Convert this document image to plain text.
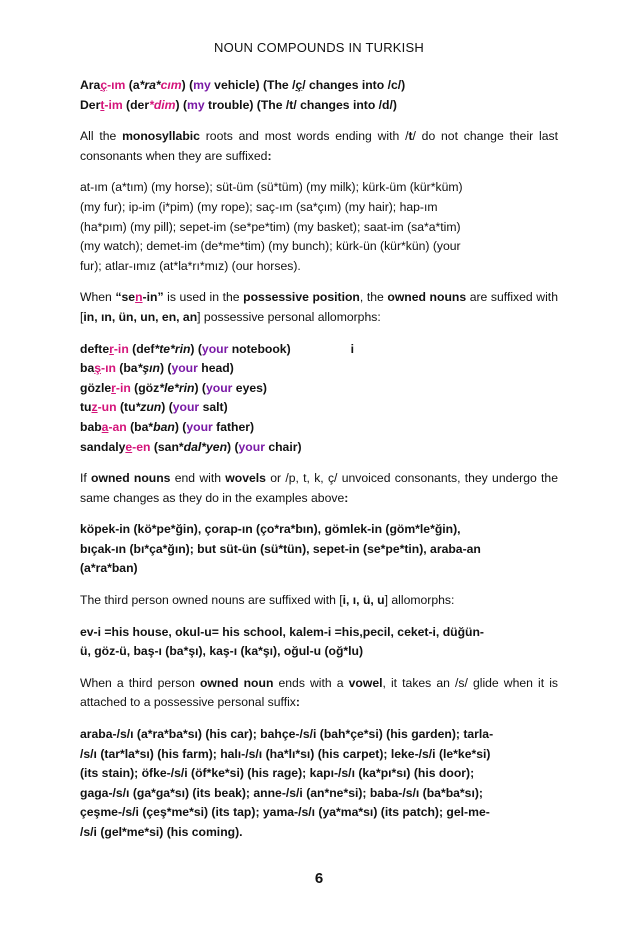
NOUN COMPOUNDS IN TURKISH
Araç-ım (a*ra*cım) (my vehicle) (The /ç/ changes into /c/)
Dert-im (der*dim) (my trouble) (The /t/ changes into /d/)
All the monosyllabic roots and most words ending with /t/ do not change their last consonants when they are suffixed:
at-ım (a*tım) (my horse); süt-üm (sü*tüm) (my milk); kürk-üm (kür*küm)
(my fur); ip-im (i*pim) (my rope); saç-ım (sa*çım) (my hair); hap-ım
(ha*pım) (my pill); sepet-im (se*pe*tim) (my basket); saat-im (sa*a*tim)
(my watch); demet-im (de*me*tim) (my bunch); kürk-ün (kür*kün) (your
fur); atlar-ımız (at*la*rı*mız) (our horses).
When “sen-in” is used in the possessive position, the owned nouns are suffixed with [in, ın, ün, un, en, an] possessive personal allomorphs:
defter-in (def*te*rin) (your notebook)	i
baş-ın (ba*şın) (your head)
gözler-in (göz*le*rin) (your eyes)
tuz-un (tu*zun) (your salt)
baba-an (ba*ban) (your father)
sandalye-en (san*dal*yen) (your chair)
If owned nouns end with wovels or /p, t, k, ç/ unvoiced consonants, they undergo the same changes as they do in the examples above:
köpek-in (kö*pe*ğin), çorap-ın (ço*ra*bın), gömlek-in (göm*le*ğin),
bıçak-ın (bı*ça*ğın); but süt-ün (sü*tün), sepet-in (se*pe*tin), araba-an
(a*ra*ban)
The third person owned nouns are suffixed with [i, ı, ü, u] allomorphs:
ev-i =his house, okul-u= his school, kalem-i =his,pecil, ceket-i, düğün-
ü, göz-ü, baş-ı (ba*şı), kaş-ı (ka*şı), oğul-u (oğ*lu)
When a third person owned noun ends with a vowel, it takes an /s/ glide when it is attached to a possessive personal suffix:
araba-/s/ı (a*ra*ba*sı) (his car); bahçe-/s/i (bah*çe*si) (his garden); tarla-
/s/ı (tar*la*sı) (his farm); halı-/s/ı (ha*lı*sı) (his carpet); leke-/s/i (le*ke*si)
(its stain); öfke-/s/i (öf*ke*si) (his rage); kapı-/s/ı (ka*pı*sı) (his door);
gaga-/s/ı (ga*ga*sı) (its beak); anne-/s/i (an*ne*si); baba-/s/ı (ba*ba*sı);
çeşme-/s/i (çeş*me*si) (its tap); yama-/s/ı (ya*ma*sı) (its patch); gel-me-
/s/i (gel*me*si) (his coming).
6
